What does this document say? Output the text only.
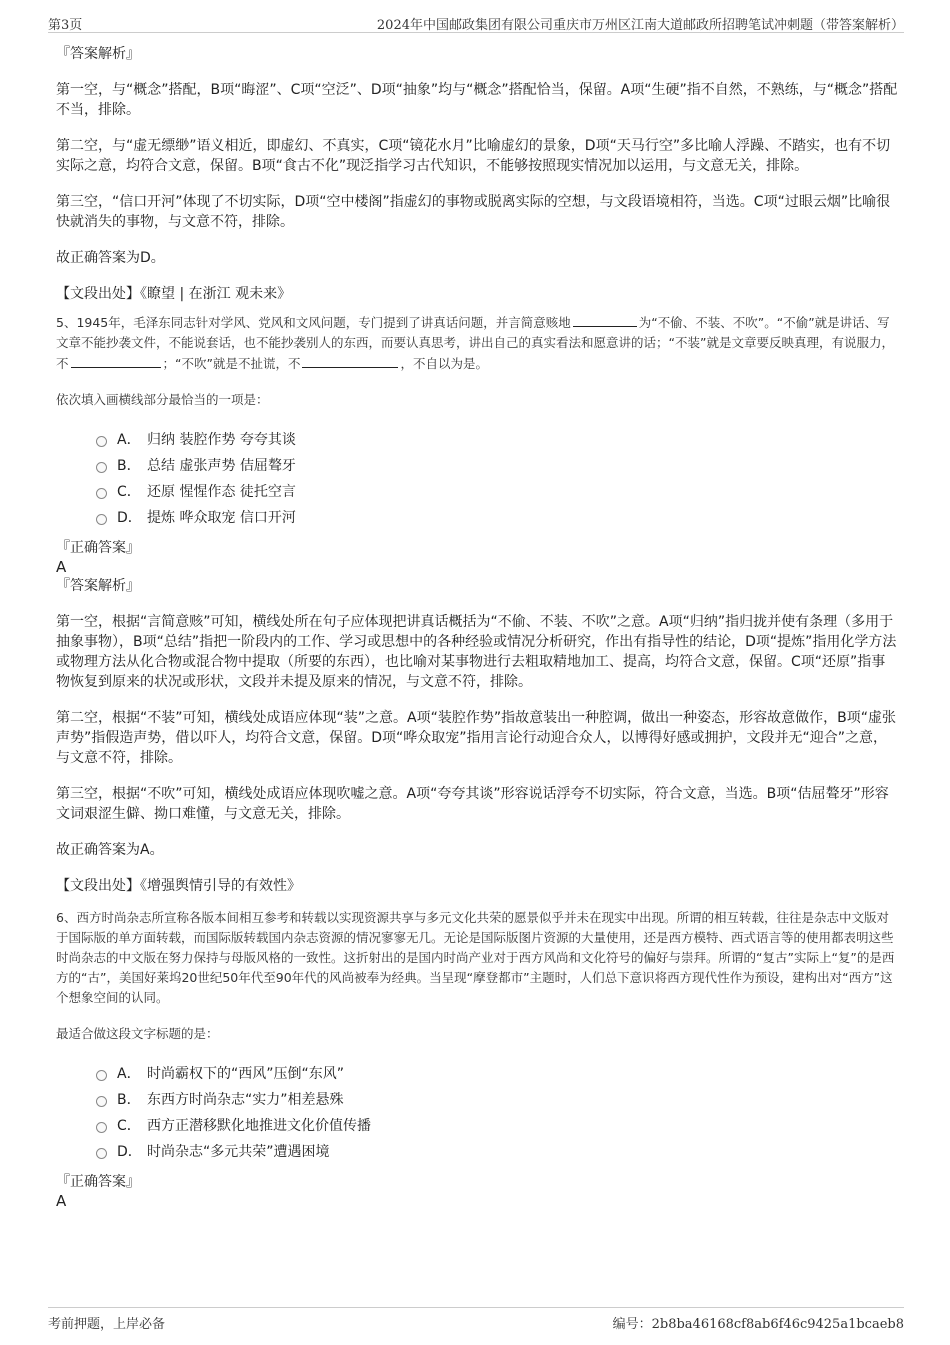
第3页	2024年中国邮政集团有限公司重庆市万州区江南大道邮政所招聘笔试冲刺题（带答案解析）
『答案解析』

第一空，与“概念”搭配，B项“晦涩”、C项“空泛”、D项“抽象”均与“概念”搭配恰当，保留。A项“生硬”指不自然，不熟练，与“概念”搭配不当，排除。

第二空，与“虚无缥缈”语义相近，即虚幻、不真实，C项“镜花水月”比喻虚幻的景象，D项“天马行空”多比喻人浮躁、不踏实，也有不切实际之意，均符合文意，保留。B项“食古不化”现泛指学习古代知识，不能够按照现实情况加以运用，与文意无关，排除。

第三空，“信口开河”体现了不切实际，D项“空中楼阁”指虚幻的事物或脱离实际的空想，与文段语境相符，当选。C项“过眼云烟”比喻很快就消失的事物，与文意不符，排除。

故正确答案为D。

【文段出处】《瞭望 | 在浙江 观未来》

5、1945年，毛泽东同志针对学风、党风和文风问题，专门提到了讲真话问题，并言简意赅地	为“不偷、不装、不吹”。“不偷”就是讲话、写文章不能抄袭文件，不能说套话，也不能抄袭别人的东西，而要认真思考，讲出自己的真实看法和愿意讲的话；“不装”就是文章要反映真理，有说服力，不	；“不吹”就是不扯谎，不	，不自以为是。

依次填入画横线部分最恰当的一项是：

A． 归纳 装腔作势 夸夸其谈
B． 总结 虚张声势 佶屈聱牙
C． 还原 惺惺作态 徒托空言
D． 提炼 哗众取宠 信口开河
『正确答案』
A
『答案解析』

第一空，根据“言简意赅”可知，横线处所在句子应体现把讲真话概括为“不偷、不装、不吹”之意。A项“归纳”指归拢并使有条理（多用于抽象事物），B项“总结”指把一阶段内的工作、学习或思想中的各种经验或情况分析研究，作出有指导性的结论，D项“提炼”指用化学方法或物理方法从化合物或混合物中提取（所要的东西），也比喻对某事物进行去粗取精地加工、提高，均符合文意，保留。C项“还原”指事物恢复到原来的状况或形状，文段并未提及原来的情况，与文意不符，排除。

第二空，根据“不装”可知，横线处成语应体现“装”之意。A项“装腔作势”指故意装出一种腔调，做出一种姿态，形容故意做作，B项“虚张声势”指假造声势，借以吓人，均符合文意，保留。D项“哗众取宠”指用言论行动迎合众人，以博得好感或拥护，文段并无“迎合”之意，与文意不符，排除。

第三空，根据“不吹”可知，横线处成语应体现吹嘘之意。A项“夸夸其谈”形容说话浮夸不切实际，符合文意，当选。B项“佶屈聱牙”形容文词艰涩生僻、拗口难懂，与文意无关，排除。

故正确答案为A。

【文段出处】《增强舆情引导的有效性》

6、西方时尚杂志所宣称各版本间相互参考和转载以实现资源共享与多元文化共荣的愿景似乎并未在现实中出现。所谓的相互转载，往往是杂志中文版对于国际版的单方面转载，而国际版转载国内杂志资源的情况寥寥无几。无论是国际版图片资源的大量使用，还是西方模特、西式语言等的使用都表明这些时尚杂志的中文版在努力保持与母版风格的一致性。这折射出的是国内时尚产业对于西方风尚和文化符号的偏好与崇拜。所谓的“复古”实际上“复”的是西方的“古”，美国好莱坞20世纪50年代至90年代的风尚被奉为经典。当呈现“摩登都市”主题时，人们总下意识将西方现代性作为预设，建构出对“西方”这个想象空间的认同。

最适合做这段文字标题的是：

A． 时尚霸权下的“西风”压倒“东风”
B． 东西方时尚杂志“实力”相差悬殊
C． 西方正潜移默化地推进文化价值传播
D． 时尚杂志“多元共荣”遭遇困境
『正确答案』
A
考前押题，上岸必备	编号：2b8ba46168cf8ab6f46c9425a1bcaeb8
